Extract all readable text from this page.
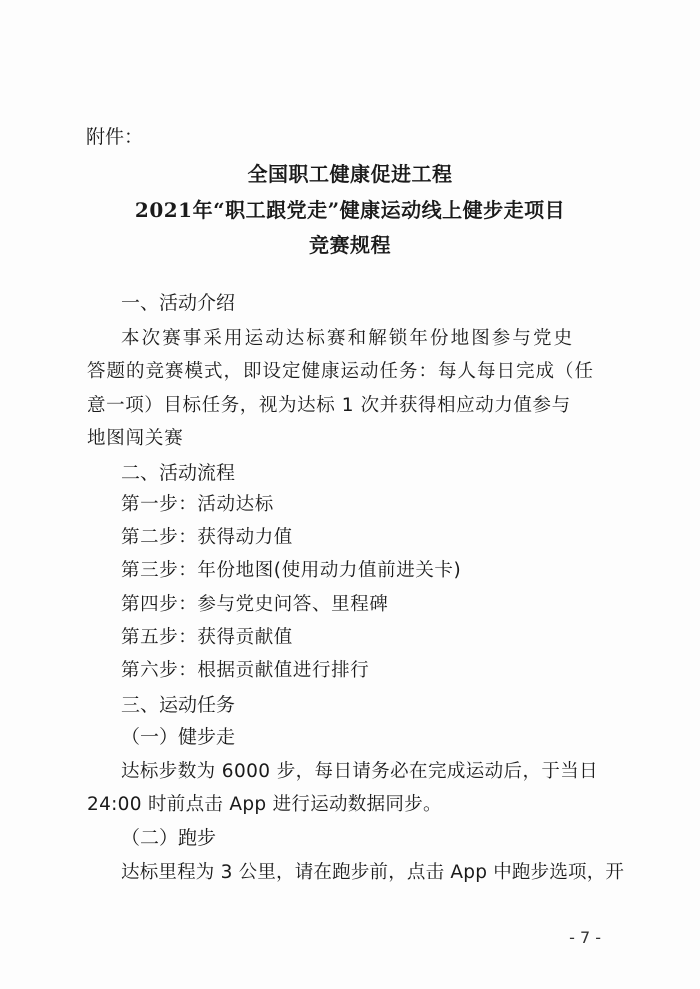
附件：
全国职工健康促进工程
2021年“职工跟党走”健康运动线上健步走项目
竞赛规程
一、活动介绍
本次赛事采用运动达标赛和解锁年份地图参与党史
答题的竞赛模式，即设定健康运动任务：每人每日完成（任
意一项）目标任务，视为达标 1 次并获得相应动力值参与
地图闯关赛
二、活动流程
第一步：活动达标
第二步：获得动力值
第三步：年份地图(使用动力值前进关卡)
第四步：参与党史问答、里程碑
第五步：获得贡献值
第六步：根据贡献值进行排行
三、运动任务
（一）健步走
达标步数为 6000 步，每日请务必在完成运动后，于当日
24:00 时前点击 App 进行运动数据同步。
（二）跑步
达标里程为 3 公里，请在跑步前，点击 App 中跑步选项，开
- 7 -
